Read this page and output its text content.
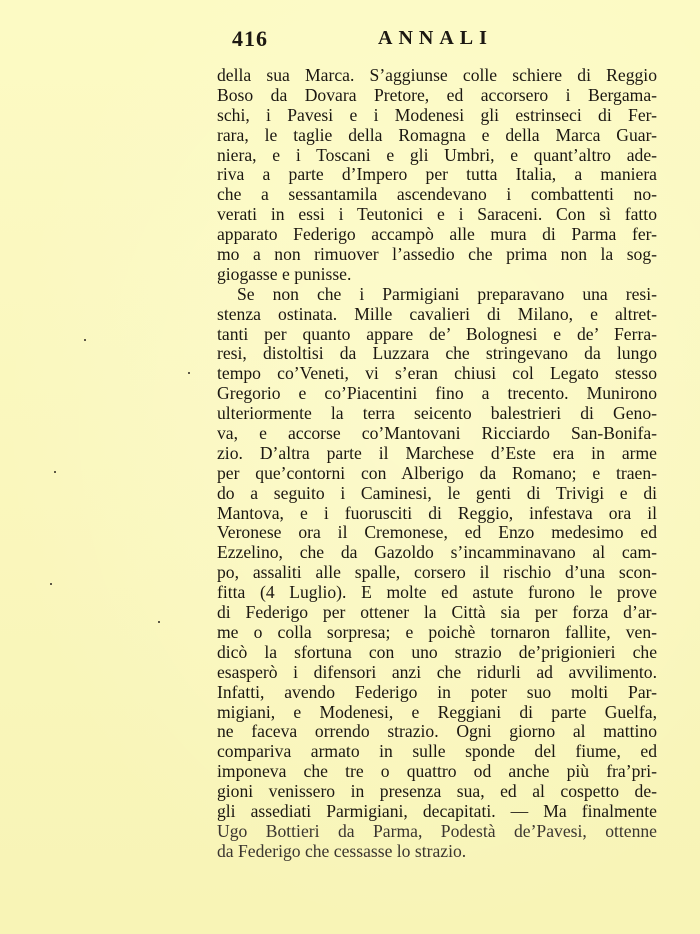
416	ANNALI
della sua Marca. S’aggiunse colle schiere di Reggio
Boso da Dovara Pretore, ed accorsero i Bergama-
schi, i Pavesi e i Modenesi gli estrinseci di Fer-
rara, le taglie della Romagna e della Marca Guar-
niera, e i Toscani e gli Umbri, e quant’altro ade-
riva a parte d’Impero per tutta Italia, a maniera
che a sessantamila ascendevano i combattenti no-
verati in essi i Teutonici e i Saraceni. Con sì fatto
apparato Federigo accampò alle mura di Parma fer-
mo a non rimuover l’assedio che prima non la sog-
giogasse e punisse.
Se non che i Parmigiani preparavano una resi-
stenza ostinata. Mille cavalieri di Milano, e altret-
tanti per quanto appare de’ Bolognesi e de’ Ferra-
resi, distoltisi da Luzzara che stringevano da lungo
tempo co’Veneti, vi s’eran chiusi col Legato stesso
Gregorio e co’Piacentini fino a trecento. Munirono
ulteriormente la terra seicento balestrieri di Geno-
va, e accorse co’Mantovani Ricciardo San-Bonifa-
zio. D’altra parte il Marchese d’Este era in arme
per que’contorni con Alberigo da Romano; e traen-
do a seguito i Caminesi, le genti di Trivigi e di
Mantova, e i fuorusciti di Reggio, infestava ora il
Veronese ora il Cremonese, ed Enzo medesimo ed
Ezzelino, che da Gazoldo s’incamminavano al cam-
po, assaliti alle spalle, corsero il rischio d’una scon-
fitta (4 Luglio). E molte ed astute furono le prove
di Federigo per ottener la Città sia per forza d’ar-
me o colla sorpresa; e poichè tornaron fallite, ven-
dicò la sfortuna con uno strazio de’prigionieri che
esasperò i difensori anzi che ridurli ad avvilimento.
Infatti, avendo Federigo in poter suo molti Par-
migiani, e Modenesi, e Reggiani di parte Guelfa,
ne faceva orrendo strazio. Ogni giorno al mattino
compariva armato in sulle sponde del fiume, ed
imponeva che tre o quattro od anche più fra’pri-
gioni venissero in presenza sua, ed al cospetto de-
gli assediati Parmigiani, decapitati. — Ma finalmente
Ugo Bottieri da Parma, Podestà de’Pavesi, ottenne
da Federigo che cessasse lo strazio.
